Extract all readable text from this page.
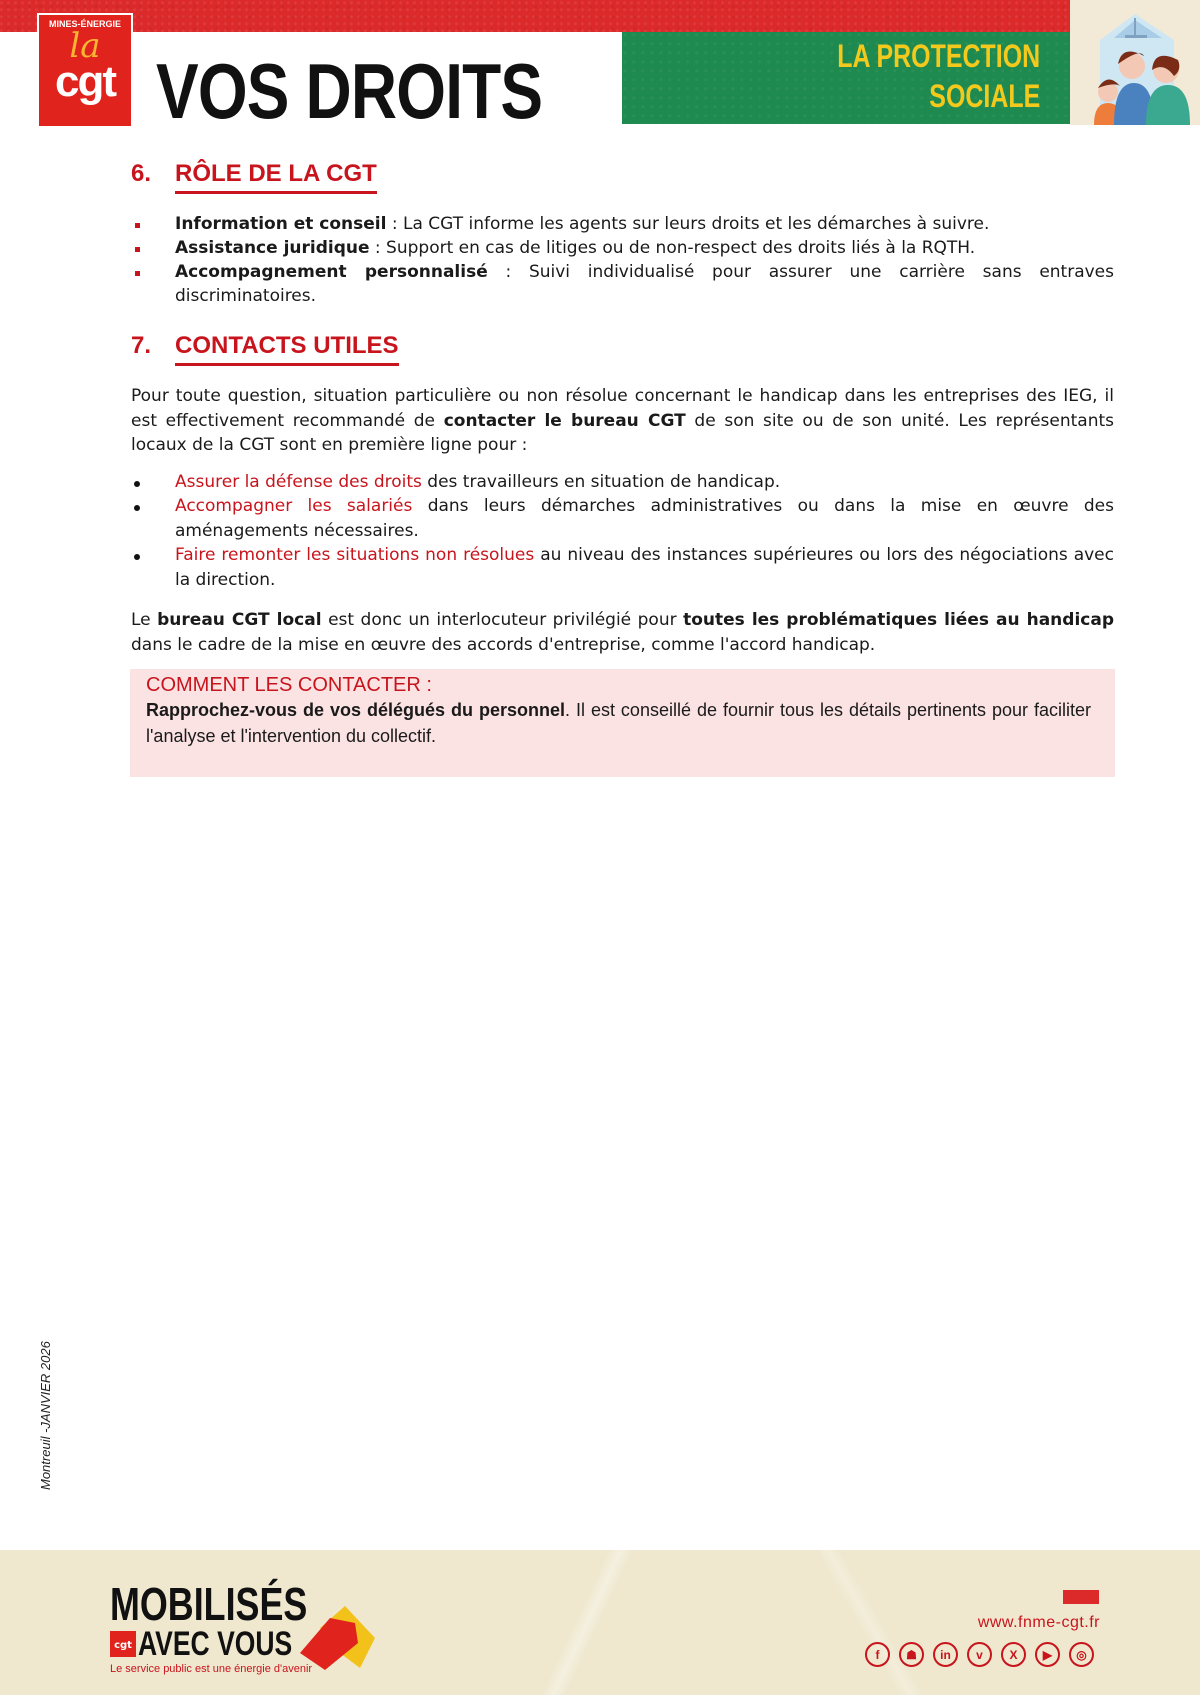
MINES-ÉNERGIE
la
cgt VOS DROITS	LA PROTECTION
SOCIALE
6. RÔLE DE LA CGT
Information et conseil : La CGT informe les agents sur leurs droits et les démarches à suivre.
Assistance juridique : Support en cas de litiges ou de non-respect des droits liés à la RQTH.
Accompagnement personnalisé : Suivi individualisé pour assurer une carrière sans entraves discriminatoires.
7. CONTACTS UTILES

Pour toute question, situation particulière ou non résolue concernant le handicap dans les entreprises des IEG, il est effectivement recommandé de contacter le bureau CGT de son site ou de son unité. Les représentants locaux de la CGT sont en première ligne pour :

Assurer la défense des droits des travailleurs en situation de handicap.
Accompagner les salariés dans leurs démarches administratives ou dans la mise en œuvre des aménagements nécessaires.
Faire remonter les situations non résolues au niveau des instances supérieures ou lors des négociations avec la direction.

Le bureau CGT local est donc un interlocuteur privilégié pour toutes les problématiques liées au handicap dans le cadre de la mise en œuvre des accords d'entreprise, comme l'accord handicap.

COMMENT LES CONTACTER :

Rapprochez-vous de vos délégués du personnel. Il est conseillé de fournir tous les détails pertinents pour faciliter l'analyse et l'intervention du collectif.

Montreuil -JANVIER 2026
MOBILISÉS
cgt AVEC VOUS
Le service public est une énergie d'avenir
www.fnme-cgt.fr
f	☗	in	v	X	▶	◎
